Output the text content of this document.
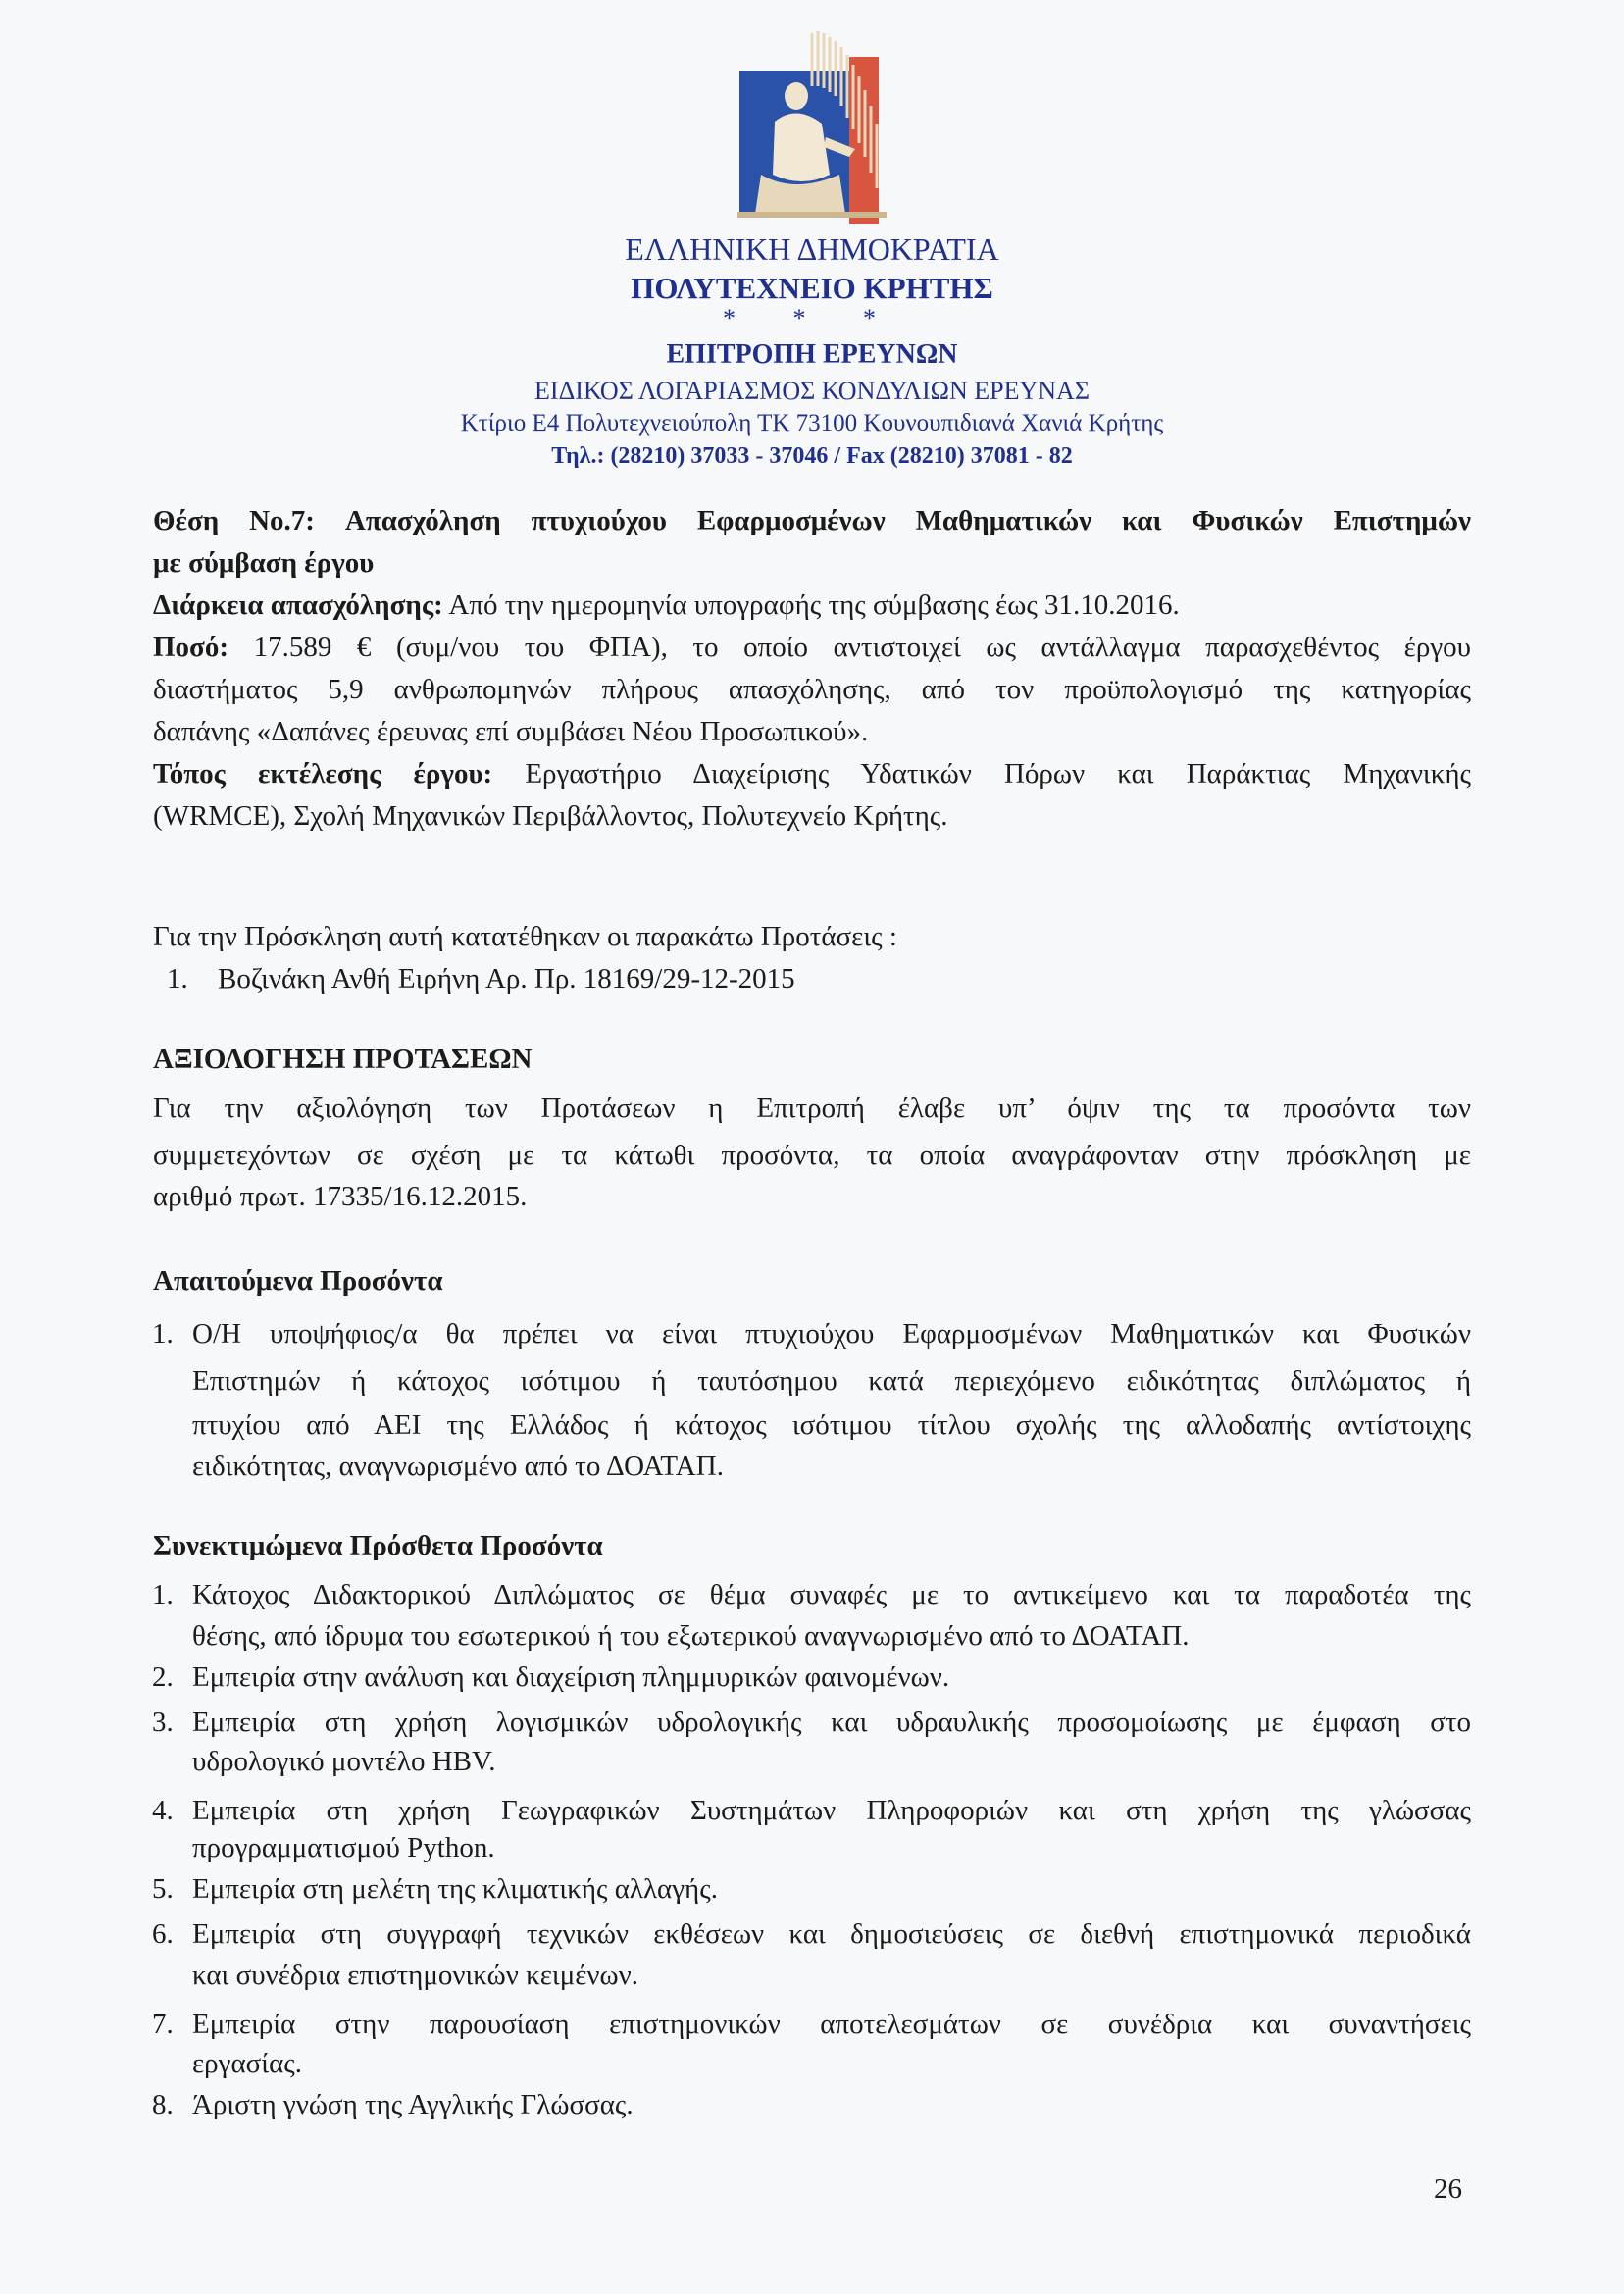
ΕΛΛΗΝΙΚΗ ΔΗΜΟΚΡΑΤΙΑ
ΠΟΛΥΤΕΧΝΕΙΟ ΚΡΗΤΗΣ
* * *
ΕΠΙΤΡΟΠΗ ΕΡΕΥΝΩΝ
ΕΙΔΙΚΟΣ ΛΟΓΑΡΙΑΣΜΟΣ ΚΟΝΔΥΛΙΩΝ ΕΡΕΥΝΑΣ
Κτίριο Ε4 Πολυτεχνειούπολη ΤΚ 73100 Κουνουπιδιανά Χανιά Κρήτης
Τηλ.: (28210) 37033 - 37046 / Fax (28210) 37081 - 82
Θέση No.7: Απασχόληση πτυχιούχου Εφαρμοσμένων Μαθηματικών και Φυσικών Επιστημών
με σύμβαση έργου
Διάρκεια απασχόλησης: Από την ημερομηνία υπογραφής της σύμβασης έως 31.10.2016.
Ποσό: 17.589 € (συμ/νου του ΦΠΑ), το οποίο αντιστοιχεί ως αντάλλαγμα παρασχεθέντος έργου
διαστήματος 5,9 ανθρωπομηνών πλήρους απασχόλησης, από τον προϋπολογισμό της κατηγορίας
δαπάνης «Δαπάνες έρευνας επί συμβάσει Νέου Προσωπικού».
Τόπος εκτέλεσης έργου: Εργαστήριο Διαχείρισης Υδατικών Πόρων και Παράκτιας Μηχανικής
(WRMCE), Σχολή Μηχανικών Περιβάλλοντος, Πολυτεχνείο Κρήτης.
Για την Πρόσκληση αυτή κατατέθηκαν οι παρακάτω Προτάσεις :
1. Βοζινάκη Ανθή Ειρήνη Αρ. Πρ. 18169/29-12-2015
ΑΞΙΟΛΟΓΗΣΗ ΠΡΟΤΑΣΕΩΝ
Για την αξιολόγηση των Προτάσεων η Επιτροπή έλαβε υπ’ όψιν της τα προσόντα των
συμμετεχόντων σε σχέση με τα κάτωθι προσόντα, τα οποία αναγράφονταν στην πρόσκληση με
αριθμό πρωτ. 17335/16.12.2015.
Απαιτούμενα Προσόντα
1. Ο/Η υποψήφιος/α θα πρέπει να είναι πτυχιούχου Εφαρμοσμένων Μαθηματικών και Φυσικών
Επιστημών ή κάτοχος ισότιμου ή ταυτόσημου κατά περιεχόμενο ειδικότητας διπλώματος ή
πτυχίου από ΑΕΙ της Ελλάδος ή κάτοχος ισότιμου τίτλου σχολής της αλλοδαπής αντίστοιχης
ειδικότητας, αναγνωρισμένο από το ΔΟΑΤΑΠ.
Συνεκτιμώμενα Πρόσθετα Προσόντα
1. Κάτοχος Διδακτορικού Διπλώματος σε θέμα συναφές με το αντικείμενο και τα παραδοτέα της
θέσης, από ίδρυμα του εσωτερικού ή του εξωτερικού αναγνωρισμένο από το ΔΟΑΤΑΠ.
2. Εμπειρία στην ανάλυση και διαχείριση πλημμυρικών φαινομένων.
3. Εμπειρία στη χρήση λογισμικών υδρολογικής και υδραυλικής προσομοίωσης με έμφαση στο
υδρολογικό μοντέλο HBV.
4. Εμπειρία στη χρήση Γεωγραφικών Συστημάτων Πληροφοριών και στη χρήση της γλώσσας
προγραμματισμού Python.
5. Εμπειρία στη μελέτη της κλιματικής αλλαγής.
6. Εμπειρία στη συγγραφή τεχνικών εκθέσεων και δημοσιεύσεις σε διεθνή επιστημονικά περιοδικά
και συνέδρια επιστημονικών κειμένων.
7. Εμπειρία στην παρουσίαση επιστημονικών αποτελεσμάτων σε συνέδρια και συναντήσεις
εργασίας.
8. Άριστη γνώση της Αγγλικής Γλώσσας.
26
